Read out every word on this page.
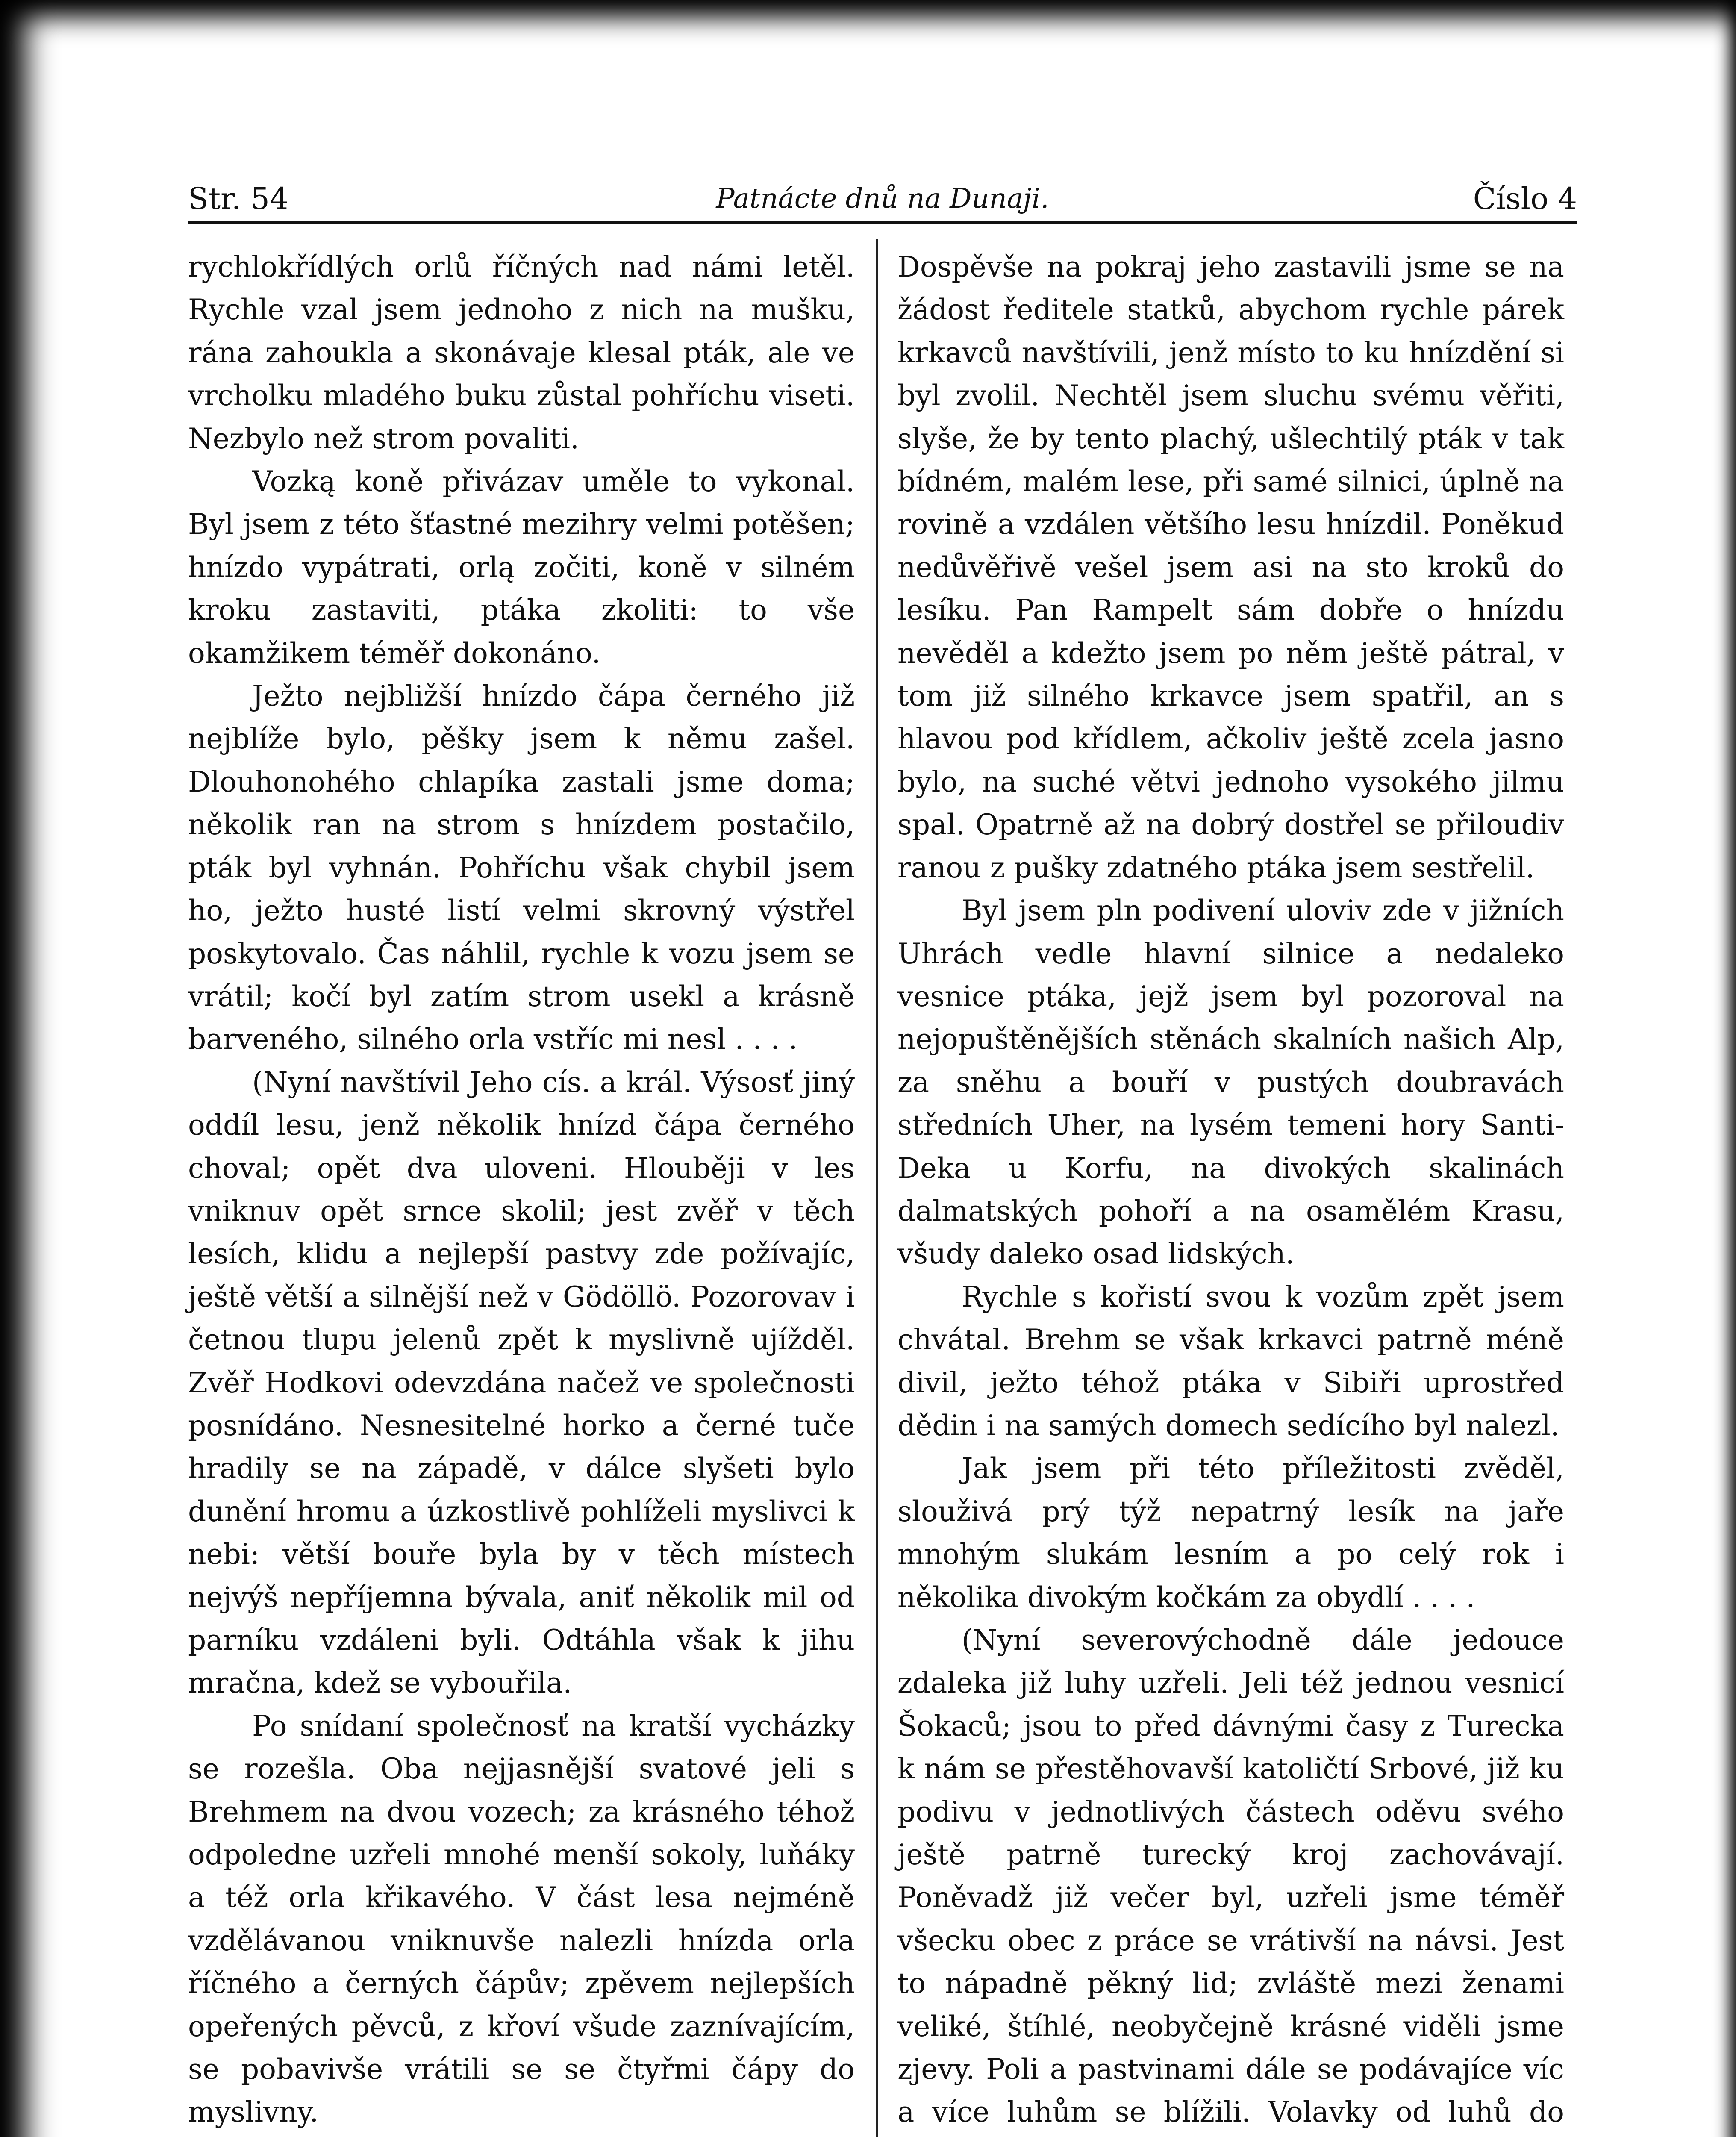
Patnácte dnů na Dunaji.
Str. 54	Číslo 4

rychlokřídlých orlů říčných nad námi letěl. Rychle vzal jsem jednoho z nich na mušku, rána zahoukla a skonávaje klesal pták, ale ve vrcholku mladého buku zůstal pohříchu viseti. Nezbylo než strom povaliti.

Vozką koně přivázav uměle to vykonal. Byl jsem z této šťastné mezihry velmi potěšen; hnízdo vypátrati, orlą zočiti, koně v silném kroku zastaviti, ptáka zkoliti: to vše okamžikem téměř dokonáno.

Ježto nejbližší hnízdo čápa černého již nejblíže bylo, pěšky jsem k němu zašel. Dlouhonohého chlapíka zastali jsme doma; několik ran na strom s hnízdem postačilo, pták byl vyhnán. Pohříchu však chybil jsem ho, ježto husté listí velmi skrovný výstřel poskytovalo. Čas náhlil, rychle k vozu jsem se vrátil; kočí byl zatím strom usekl a krásně barveného, silného orla vstříc mi nesl . . . .

(Nyní navštívil Jeho cís. a král. Výsosť jiný oddíl lesu, jenž několik hnízd čápa černého choval; opět dva uloveni. Hlouběji v les vniknuv opět srnce skolil; jest zvěř v těch lesích, klidu a nejlepší pastvy zde požívajíc, ještě větší a silnější než v Gödöllö. Pozorovav i četnou tlupu jelenů zpět k myslivně ujížděl. Zvěř Hodkovi odevzdána načež ve společnosti posnídáno. Nesnesitelné horko a černé tuče hradily se na západě, v dálce slyšeti bylo dunění hromu a úzkostlivě pohlíželi myslivci k nebi: větší bouře byla by v těch místech nejvýš nepříjemna bývala, aniť několik mil od parníku vzdáleni byli. Odtáhla však k jihu mračna, kdež se vybouřila.

Po snídaní společnosť na kratší vycházky se rozešla. Oba nejjasnější svatové jeli s Brehmem na dvou vozech; za krásného téhož odpoledne uzřeli mnohé menší sokoly, luňáky a též orla křikavého. V část lesa nejméně vzdělávanou vniknuvše nalezli hnízda orla říčného a černých čápův; zpěvem nejlepších opeřených pěvců, z křoví všude zaznívajícím, se pobavivše vrátili se se čtyřmi čápy do myslivny.

Dospěvše na pokraj jeho zastavili jsme se na žádost ředitele statků, abychom rychle párek krkavců navštívili, jenž místo to ku hnízdění si byl zvolil. Nechtěl jsem sluchu svému věřiti, slyše, že by tento plachý, ušlechtilý pták v tak bídném, malém lese, při samé silnici, úplně na rovině a vzdálen většího lesu hnízdil. Poněkud nedůvěřivě vešel jsem asi na sto kroků do lesíku. Pan Rampelt sám dobře o hnízdu nevěděl a kdežto jsem po něm ještě pátral, v tom již silného krkavce jsem spatřil, an s hlavou pod křídlem, ačkoliv ještě zcela jasno bylo, na suché větvi jednoho vysokého jilmu spal. Opatrně až na dobrý dostřel se přiloudiv ranou z pušky zdatného ptáka jsem sestřelil.

Byl jsem pln podivení uloviv zde v jižních Uhrách vedle hlavní silnice a nedaleko vesnice ptáka, jejž jsem byl pozoroval na nejopuštěnějších stěnách skalních našich Alp, za sněhu a bouří v pustých doubravách středních Uher, na lysém temeni hory Santi-Deka u Korfu, na divokých skalinách dalmatských pohoří a na osamělém Krasu, všudy daleko osad lidských.

Rychle s kořistí svou k vozům zpět jsem chvátal. Brehm se však krkavci patrně méně divil, ježto téhož ptáka v Sibiři uprostřed dědin i na samých domech sedícího byl nalezl.

Jak jsem při této příležitosti zvěděl, slouživá prý týž nepatrný lesík na jaře mnohým slukám lesním a po celý rok i několika divokým kočkám za obydlí . . . .

(Nyní severovýchodně dále jedouce zdaleka již luhy uzřeli. Jeli též jednou vesnicí Šokaců; jsou to před dávnými časy z Turecka k nám se přestěhovavší katoličtí Srbové, již ku podivu v jednotlivých částech oděvu svého ještě patrně turecký kroj zachovávají. Poněvadž již večer byl, uzřeli jsme téměř všecku obec z práce se vrátivší na návsi. Jest to nápadně pěkný lid; zvláště mezi ženami veliké, štíhlé, neobyčejně krásné viděli jsme zjevy. Poli a pastvinami dále se podávajíce víc a více luhům se blížili. Volavky od luhů do
